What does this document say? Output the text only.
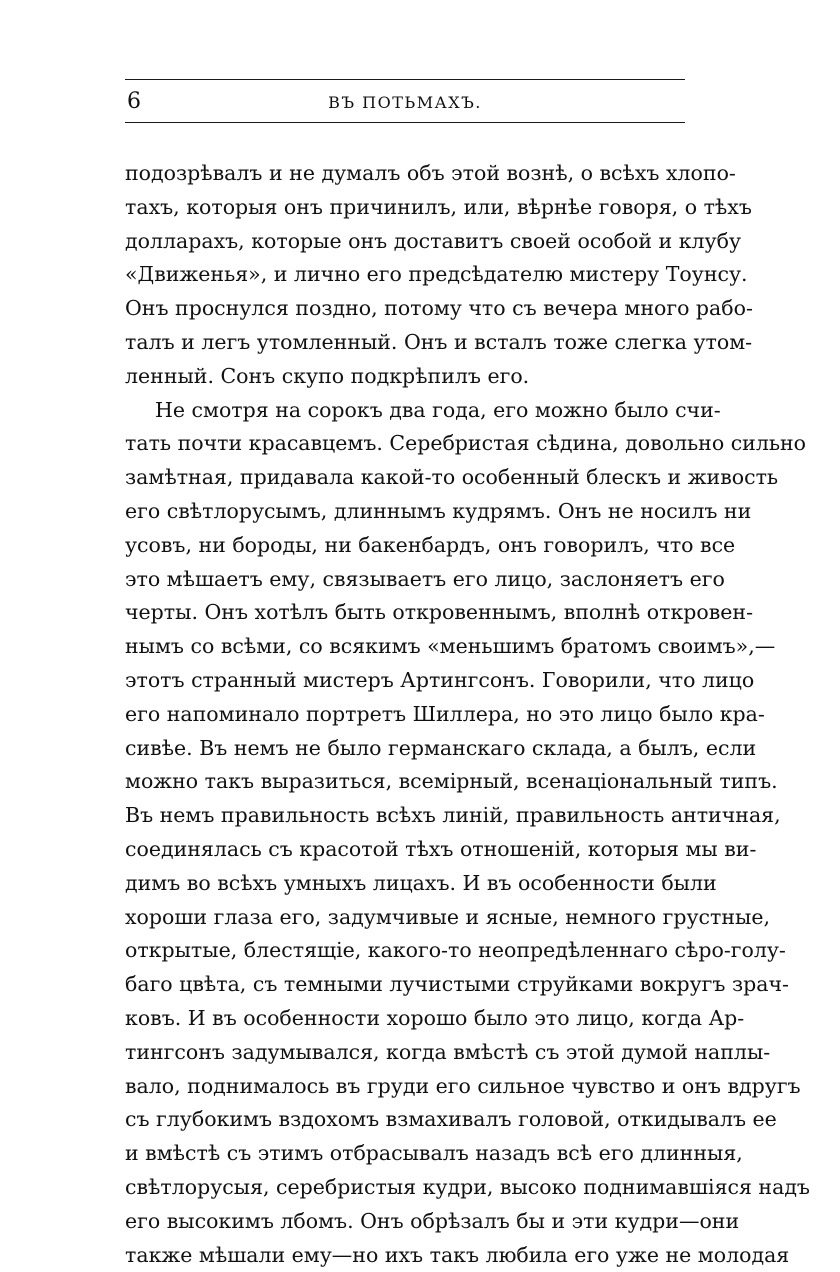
6	ВЪ ПОТЬМАХЪ.
подозрѣвалъ и не думалъ объ этой вознѣ, о всѣхъ хлопо-
тахъ, которыя онъ причинилъ, или, вѣрнѣе говоря, о тѣхъ
долларахъ, которые онъ доставитъ своей особой и клубу
«Движенья», и лично его предсѣдателю мистеру Тоунсу.
Онъ проснулся поздно, потому что съ вечера много рабо-
талъ и легъ утомленный. Онъ и всталъ тоже слегка утом-
ленный. Сонъ скупо подкрѣпилъ его.
Не смотря на сорокъ два года, его можно было счи-
тать почти красавцемъ. Серебристая сѣдина, довольно сильно
замѣтная, придавала какой-то особенный блескъ и живость
его свѣтлорусымъ, длиннымъ кудрямъ. Онъ не носилъ ни
усовъ, ни бороды, ни бакенбардъ, онъ говорилъ, что все
это мѣшаетъ ему, связываетъ его лицо, заслоняетъ его
черты. Онъ хотѣлъ быть откровеннымъ, вполнѣ откровен-
нымъ со всѣми, со всякимъ «меньшимъ братомъ своимъ»,—
этотъ странный мистеръ Артингсонъ. Говорили, что лицо
его напоминало портретъ Шиллера, но это лицо было кра-
сивѣе. Въ немъ не было германскаго склада, а былъ, если
можно такъ выразиться, всемірный, всенаціональный типъ.
Въ немъ правильность всѣхъ линій, правильность античная,
соединялась съ красотой тѣхъ отношеній, которыя мы ви-
димъ во всѣхъ умныхъ лицахъ. И въ особенности были
хороши глаза его, задумчивые и ясные, немного грустные,
открытые, блестящіе, какого-то неопредѣленнаго сѣро-голу-
баго цвѣта, съ темными лучистыми струйками вокругъ зрач-
ковъ. И въ особенности хорошо было это лицо, когда Ар-
тингсонъ задумывался, когда вмѣстѣ съ этой думой наплы-
вало, поднималось въ груди его сильное чувство и онъ вдругъ
съ глубокимъ вздохомъ взмахивалъ головой, откидывалъ ее
и вмѣстѣ съ этимъ отбрасывалъ назадъ всѣ его длинныя,
свѣтлорусыя, серебристыя кудри, высоко поднимавшіяся надъ
его высокимъ лбомъ. Онъ обрѣзалъ бы и эти кудри—они
также мѣшали ему—но ихъ такъ любила его уже не молодая
